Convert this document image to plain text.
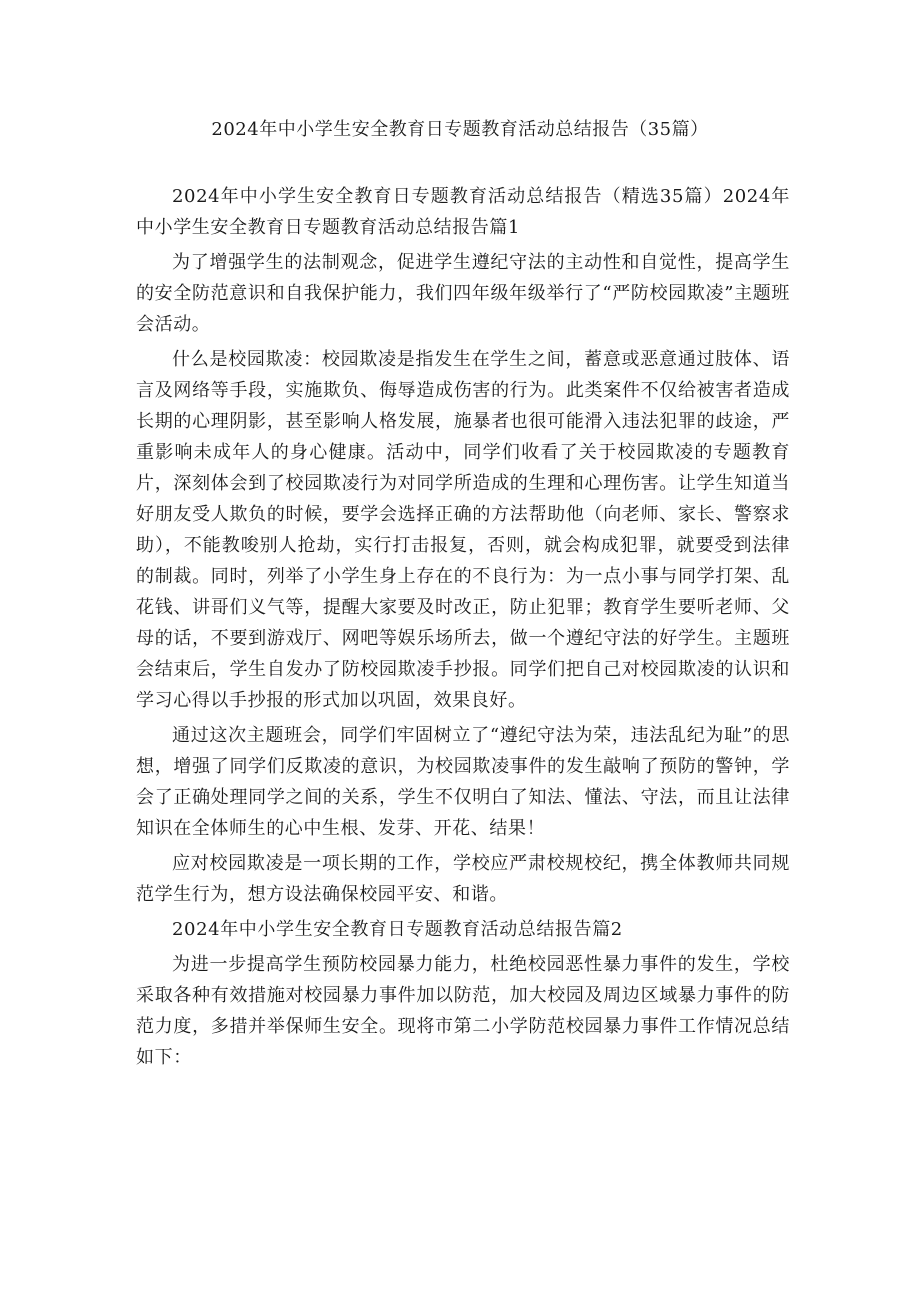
2024年中小学生安全教育日专题教育活动总结报告（35篇）

2024年中小学生安全教育日专题教育活动总结报告（精选35篇）2024年中小学生安全教育日专题教育活动总结报告篇1

为了增强学生的法制观念，促进学生遵纪守法的主动性和自觉性，提高学生的安全防范意识和自我保护能力，我们四年级年级举行了“严防校园欺凌”主题班会活动。

什么是校园欺凌：校园欺凌是指发生在学生之间，蓄意或恶意通过肢体、语言及网络等手段，实施欺负、侮辱造成伤害的行为。此类案件不仅给被害者造成长期的心理阴影，甚至影响人格发展，施暴者也很可能滑入违法犯罪的歧途，严重影响未成年人的身心健康。活动中，同学们收看了关于校园欺凌的专题教育片，深刻体会到了校园欺凌行为对同学所造成的生理和心理伤害。让学生知道当好朋友受人欺负的时候，要学会选择正确的方法帮助他（向老师、家长、警察求助），不能教唆别人抢劫，实行打击报复，否则，就会构成犯罪，就要受到法律的制裁。同时，列举了小学生身上存在的不良行为：为一点小事与同学打架、乱花钱、讲哥们义气等，提醒大家要及时改正，防止犯罪；教育学生要听老师、父母的话，不要到游戏厅、网吧等娱乐场所去，做一个遵纪守法的好学生。主题班会结束后，学生自发办了防校园欺凌手抄报。同学们把自己对校园欺凌的认识和学习心得以手抄报的形式加以巩固，效果良好。

通过这次主题班会，同学们牢固树立了“遵纪守法为荣，违法乱纪为耻”的思想，增强了同学们反欺凌的意识，为校园欺凌事件的发生敲响了预防的警钟，学会了正确处理同学之间的关系，学生不仅明白了知法、懂法、守法，而且让法律知识在全体师生的心中生根、发芽、开花、结果！

应对校园欺凌是一项长期的工作，学校应严肃校规校纪，携全体教师共同规范学生行为，想方设法确保校园平安、和谐。

2024年中小学生安全教育日专题教育活动总结报告篇2

为进一步提高学生预防校园暴力能力，杜绝校园恶性暴力事件的发生，学校采取各种有效措施对校园暴力事件加以防范，加大校园及周边区域暴力事件的防范力度，多措并举保师生安全。现将市第二小学防范校园暴力事件工作情况总结如下：
